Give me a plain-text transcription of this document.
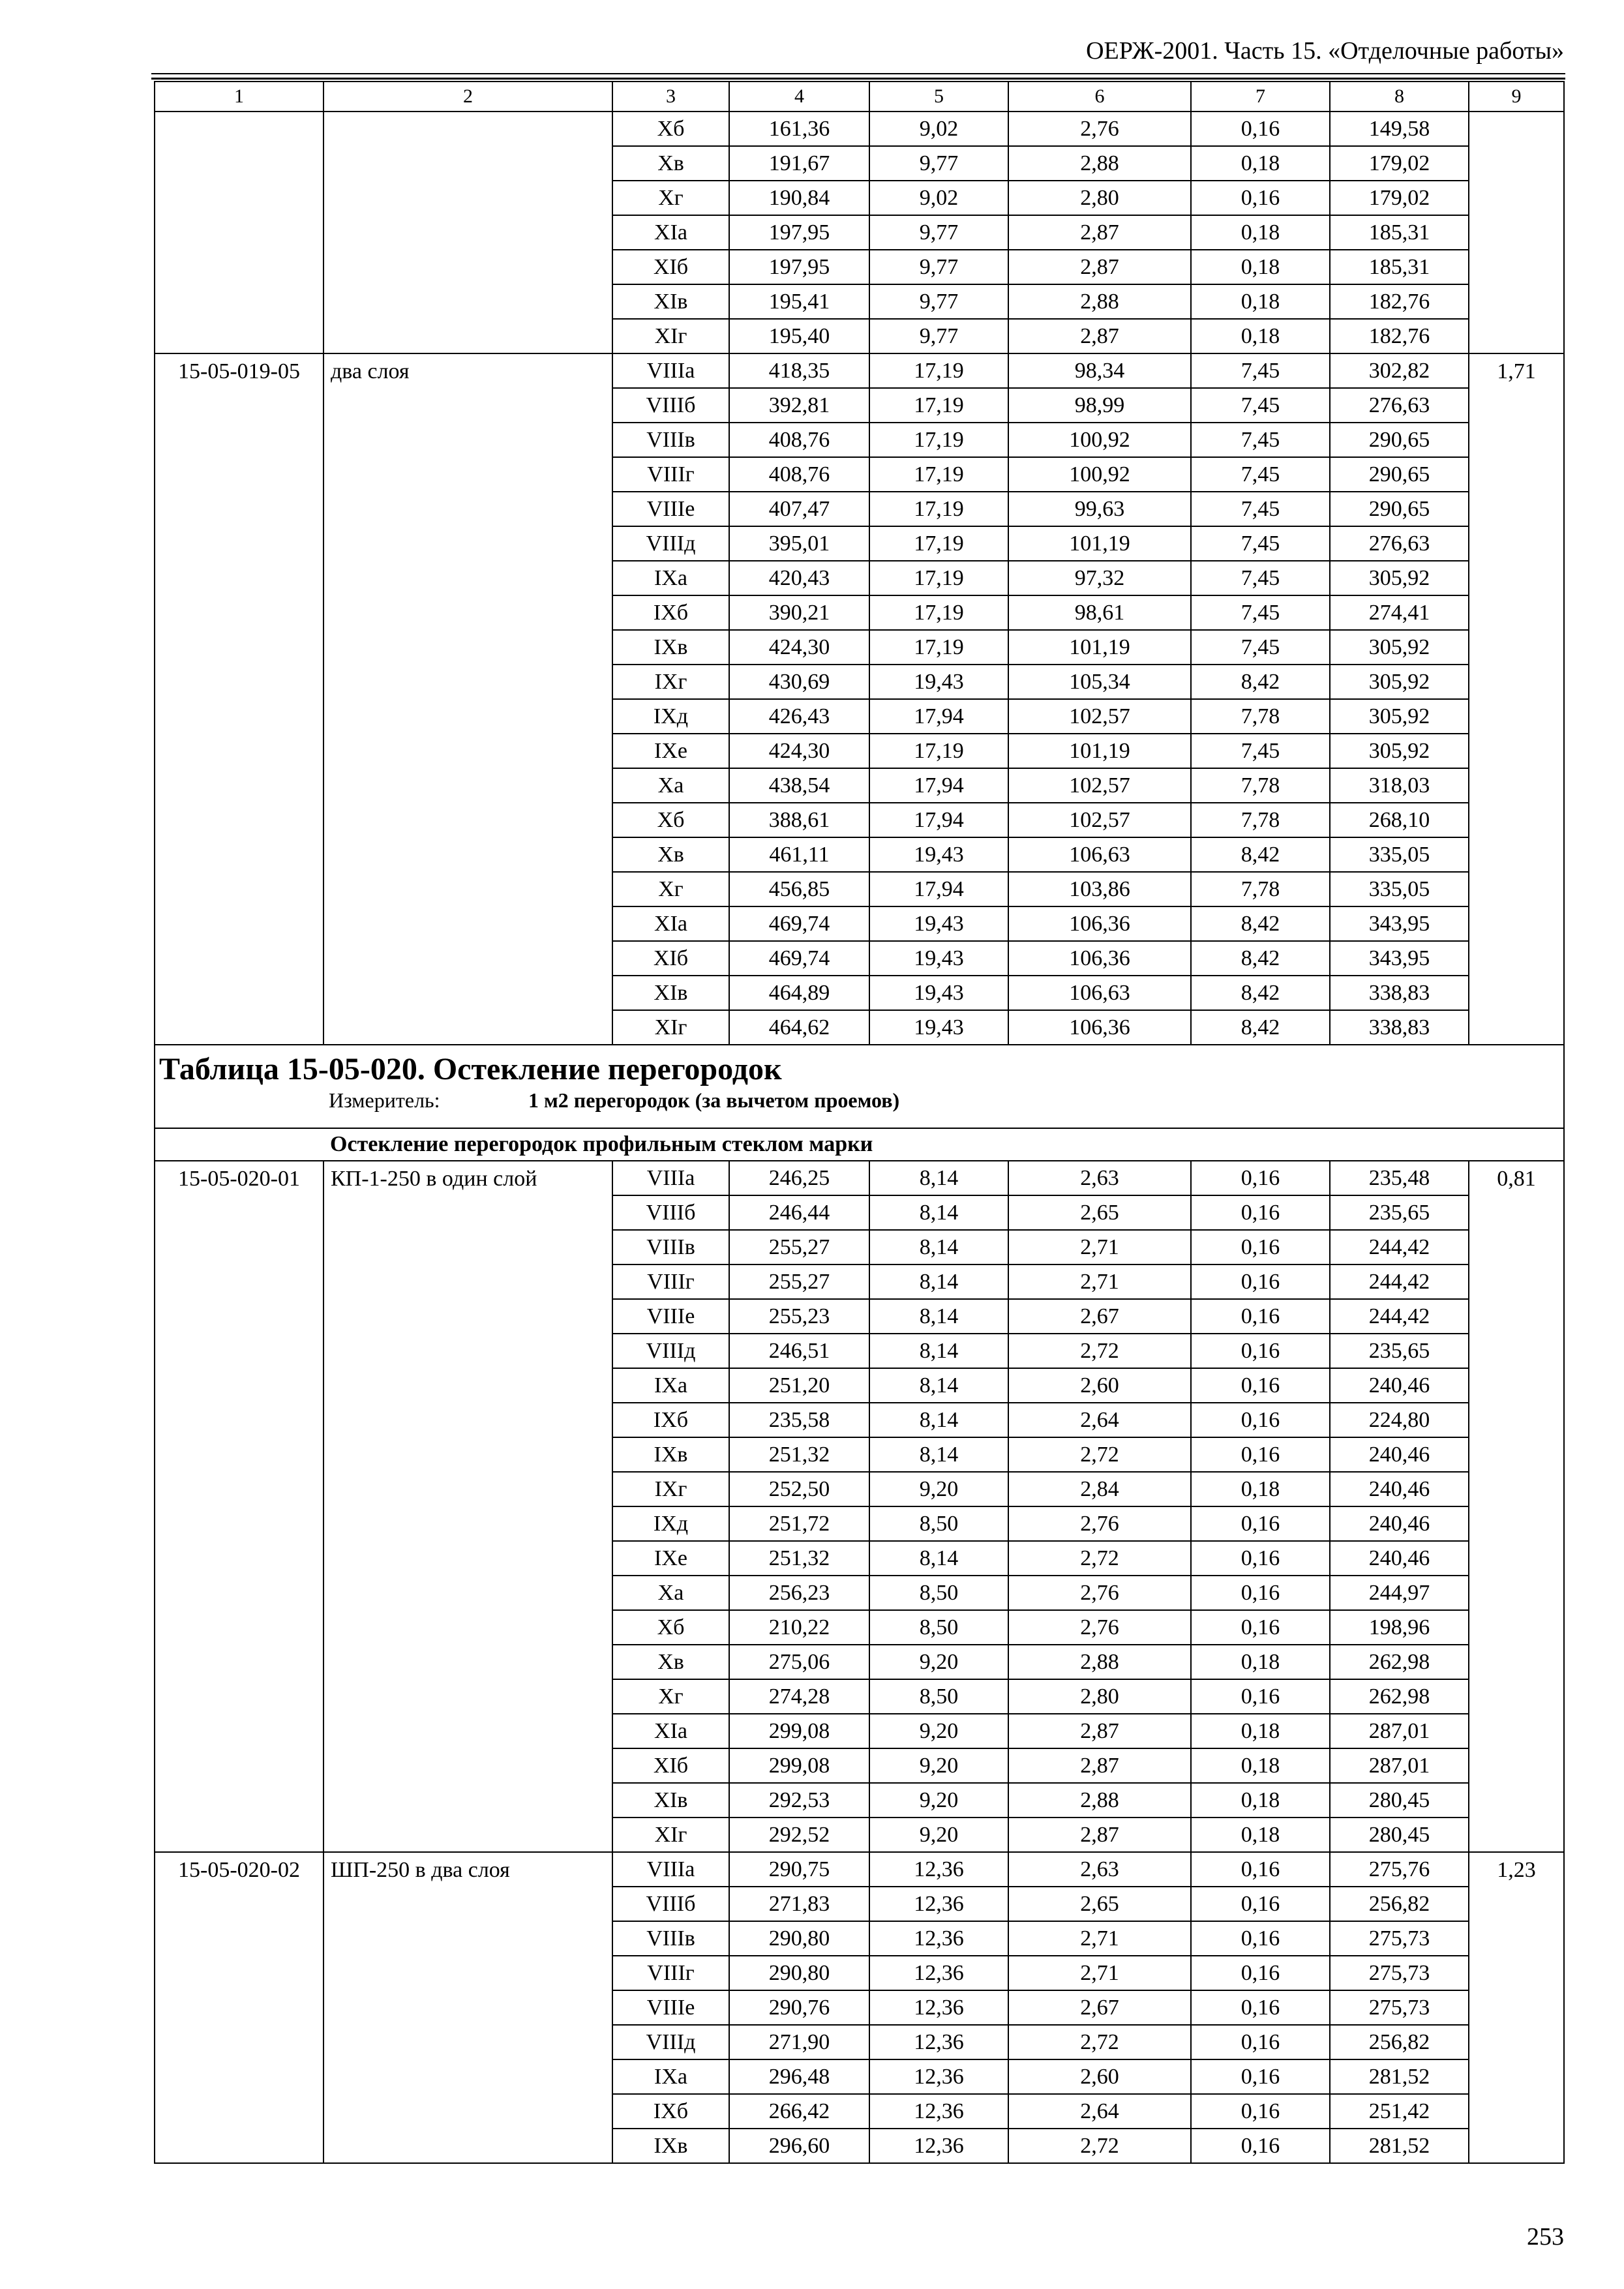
ОЕРЖ-2001. Часть 15. «Отделочные работы»
1	2	3	4	5	6	7	8	9
		Xб	161,36	9,02	2,76	0,16	149,58	
		Xв	191,67	9,77	2,88	0,18	179,02	
		Xг	190,84	9,02	2,80	0,16	179,02	
		XIа	197,95	9,77	2,87	0,18	185,31	
		XIб	197,95	9,77	2,87	0,18	185,31	
		XIв	195,41	9,77	2,88	0,18	182,76	
		XIг	195,40	9,77	2,87	0,18	182,76	
15-05-019-05	два слоя	VIIIа	418,35	17,19	98,34	7,45	302,82	1,71
		VIIIб	392,81	17,19	98,99	7,45	276,63	
		VIIIв	408,76	17,19	100,92	7,45	290,65	
		VIIIг	408,76	17,19	100,92	7,45	290,65	
		VIIIе	407,47	17,19	99,63	7,45	290,65	
		VIIIд	395,01	17,19	101,19	7,45	276,63	
		IXа	420,43	17,19	97,32	7,45	305,92	
		IXб	390,21	17,19	98,61	7,45	274,41	
		IXв	424,30	17,19	101,19	7,45	305,92	
		IXг	430,69	19,43	105,34	8,42	305,92	
		IXд	426,43	17,94	102,57	7,78	305,92	
		IXе	424,30	17,19	101,19	7,45	305,92	
		Xа	438,54	17,94	102,57	7,78	318,03	
		Xб	388,61	17,94	102,57	7,78	268,10	
		Xв	461,11	19,43	106,63	8,42	335,05	
		Xг	456,85	17,94	103,86	7,78	335,05	
		XIа	469,74	19,43	106,36	8,42	343,95	
		XIб	469,74	19,43	106,36	8,42	343,95	
		XIв	464,89	19,43	106,63	8,42	338,83	
		XIг	464,62	19,43	106,36	8,42	338,83	

Таблица 15-05-020. Остекление перегородок
Измеритель: 1 м2 перегородок (за вычетом проемов)								

Остекление перегородок профильным стеклом марки								
15-05-020-01	КП-1-250 в один слой	VIIIа	246,25	8,14	2,63	0,16	235,48	0,81
		VIIIб	246,44	8,14	2,65	0,16	235,65	
		VIIIв	255,27	8,14	2,71	0,16	244,42	
		VIIIг	255,27	8,14	2,71	0,16	244,42	
		VIIIе	255,23	8,14	2,67	0,16	244,42	
		VIIIд	246,51	8,14	2,72	0,16	235,65	
		IXа	251,20	8,14	2,60	0,16	240,46	
		IXб	235,58	8,14	2,64	0,16	224,80	
		IXв	251,32	8,14	2,72	0,16	240,46	
		IXг	252,50	9,20	2,84	0,18	240,46	
		IXд	251,72	8,50	2,76	0,16	240,46	
		IXе	251,32	8,14	2,72	0,16	240,46	
		Xа	256,23	8,50	2,76	0,16	244,97	
		Xб	210,22	8,50	2,76	0,16	198,96	
		Xв	275,06	9,20	2,88	0,18	262,98	
		Xг	274,28	8,50	2,80	0,16	262,98	
		XIа	299,08	9,20	2,87	0,18	287,01	
		XIб	299,08	9,20	2,87	0,18	287,01	
		XIв	292,53	9,20	2,88	0,18	280,45	
		XIг	292,52	9,20	2,87	0,18	280,45	
15-05-020-02	ШП-250 в два слоя	VIIIа	290,75	12,36	2,63	0,16	275,76	1,23
		VIIIб	271,83	12,36	2,65	0,16	256,82	
		VIIIв	290,80	12,36	2,71	0,16	275,73	
		VIIIг	290,80	12,36	2,71	0,16	275,73	
		VIIIе	290,76	12,36	2,67	0,16	275,73	
		VIIIд	271,90	12,36	2,72	0,16	256,82	
		IXа	296,48	12,36	2,60	0,16	281,52	
		IXб	266,42	12,36	2,64	0,16	251,42	
		IXв	296,60	12,36	2,72	0,16	281,52	
253
